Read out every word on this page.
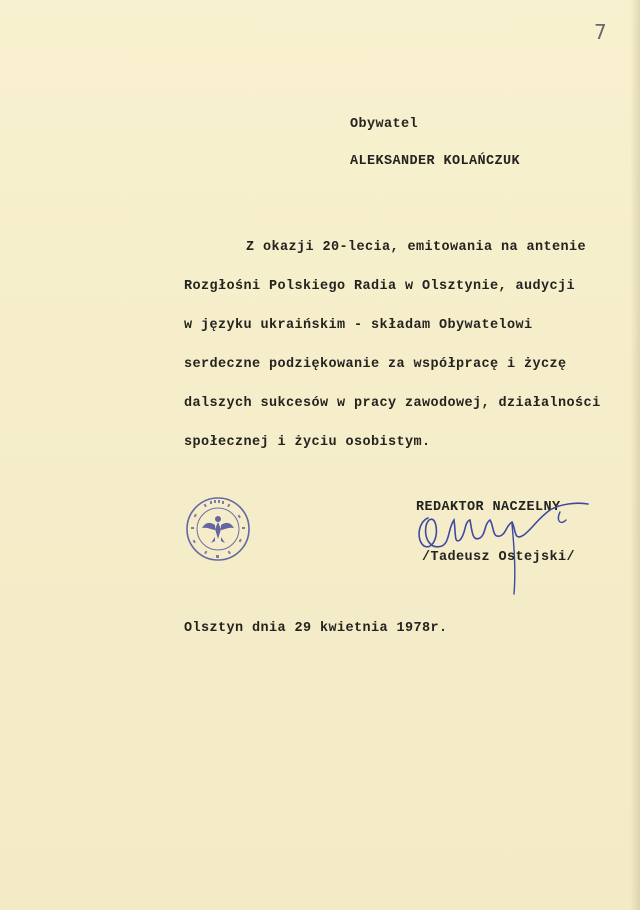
7
Obywatel
ALEKSANDER KOLAŃCZUK
Z okazji 20-lecia, emitowania na antenie
Rozgłośni Polskiego Radia w Olsztynie, audycji
w języku ukraińskim - składam Obywatelowi
serdeczne podziękowanie za współpracę i życzę
dalszych sukcesów w pracy zawodowej, działalności
społecznej i życiu osobistym.
REDAKTOR NACZELNY
/Tadeusz Ostejski/
Olsztyn dnia 29 kwietnia 1978r.
